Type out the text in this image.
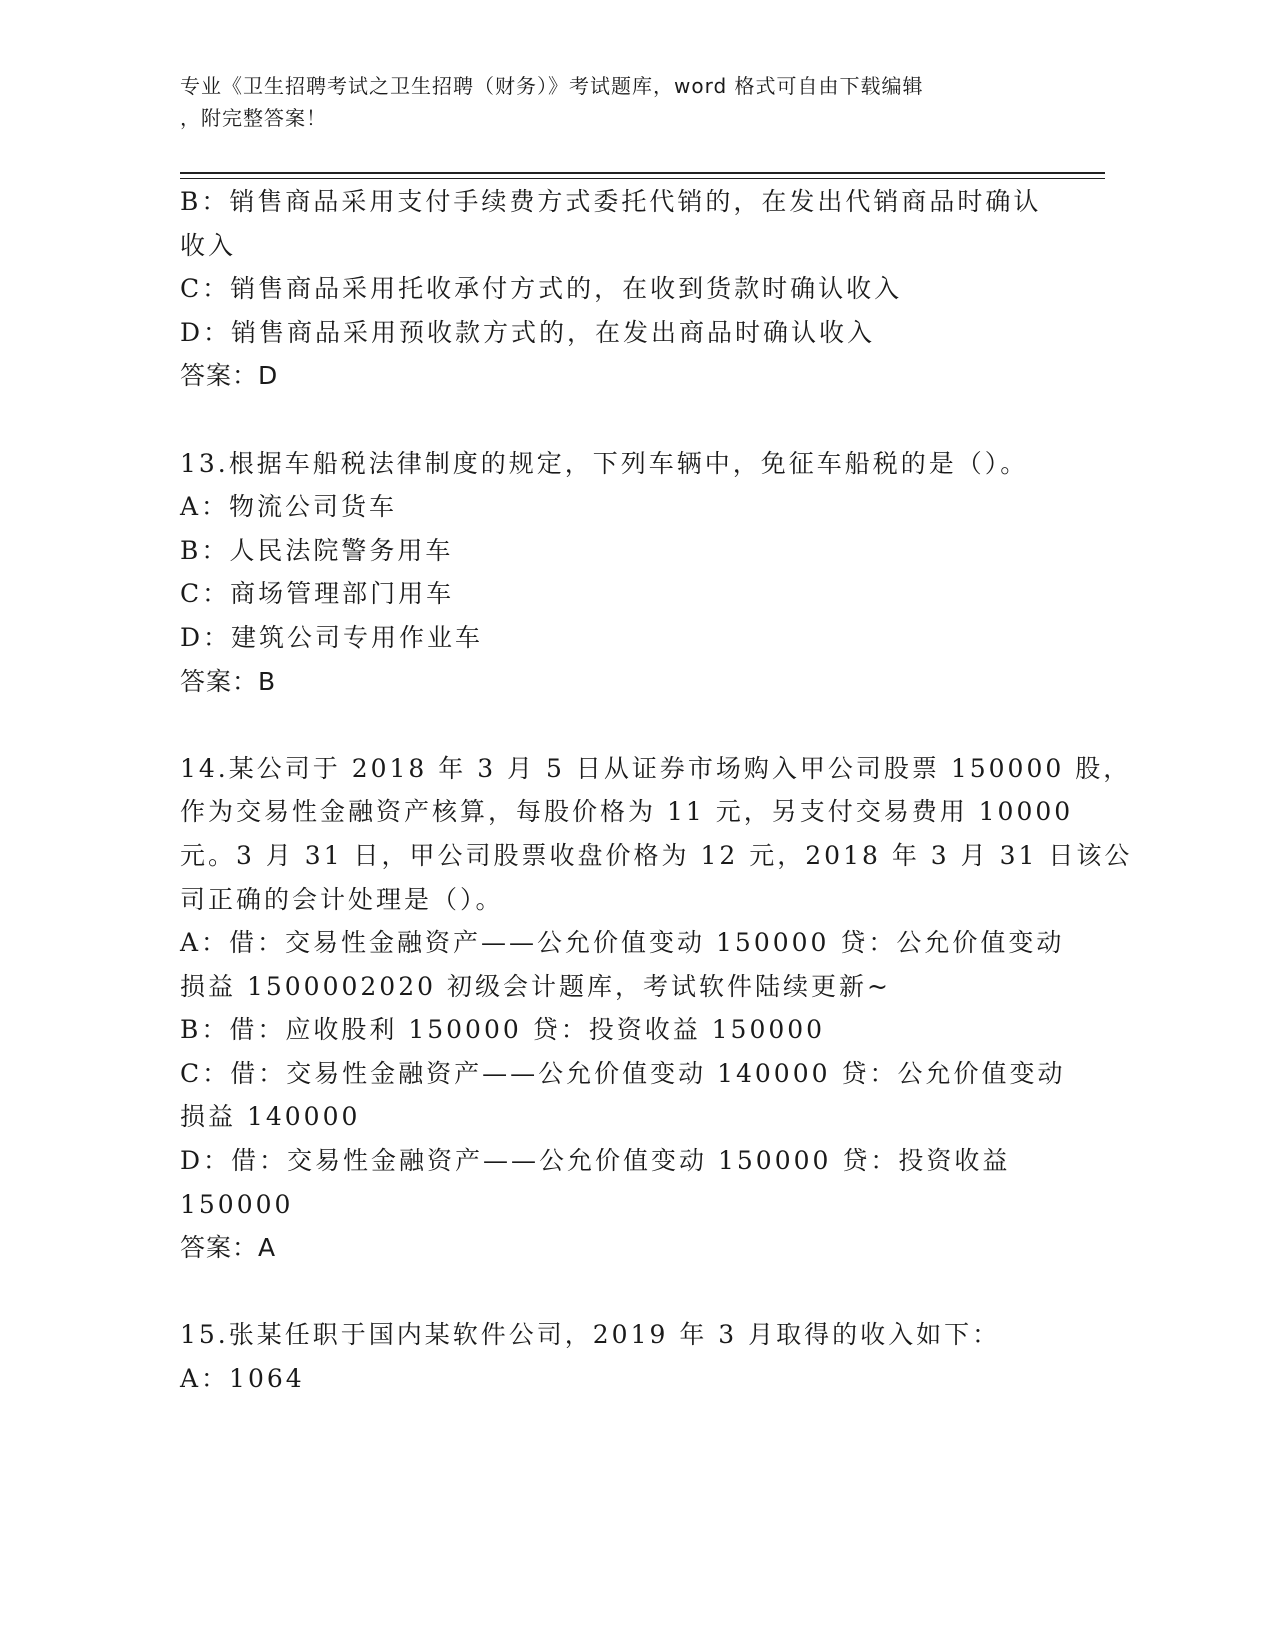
专业《卫生招聘考试之卫生招聘（财务）》考试题库，word 格式可自由下载编辑
，附完整答案！
B：销售商品采用支付手续费方式委托代销的，在发出代销商品时确认
收入
C：销售商品采用托收承付方式的，在收到货款时确认收入
D：销售商品采用预收款方式的，在发出商品时确认收入
答案：D
13.根据车船税法律制度的规定，下列车辆中，免征车船税的是（）。
A：物流公司货车
B：人民法院警务用车
C：商场管理部门用车
D：建筑公司专用作业车
答案：B
14.某公司于 2018 年 3 月 5 日从证券市场购入甲公司股票 150000 股，
作为交易性金融资产核算，每股价格为 11 元，另支付交易费用 10000
元。3 月 31 日，甲公司股票收盘价格为 12 元，2018 年 3 月 31 日该公
司正确的会计处理是（）。
A：借：交易性金融资产——公允价值变动 150000 贷：公允价值变动
损益 1500002020 初级会计题库，考试软件陆续更新~
B：借：应收股利 150000 贷：投资收益 150000
C：借：交易性金融资产——公允价值变动 140000 贷：公允价值变动
损益 140000
D：借：交易性金融资产——公允价值变动 150000 贷：投资收益
150000
答案：A
15.张某任职于国内某软件公司，2019 年 3 月取得的收入如下：
A：1064
